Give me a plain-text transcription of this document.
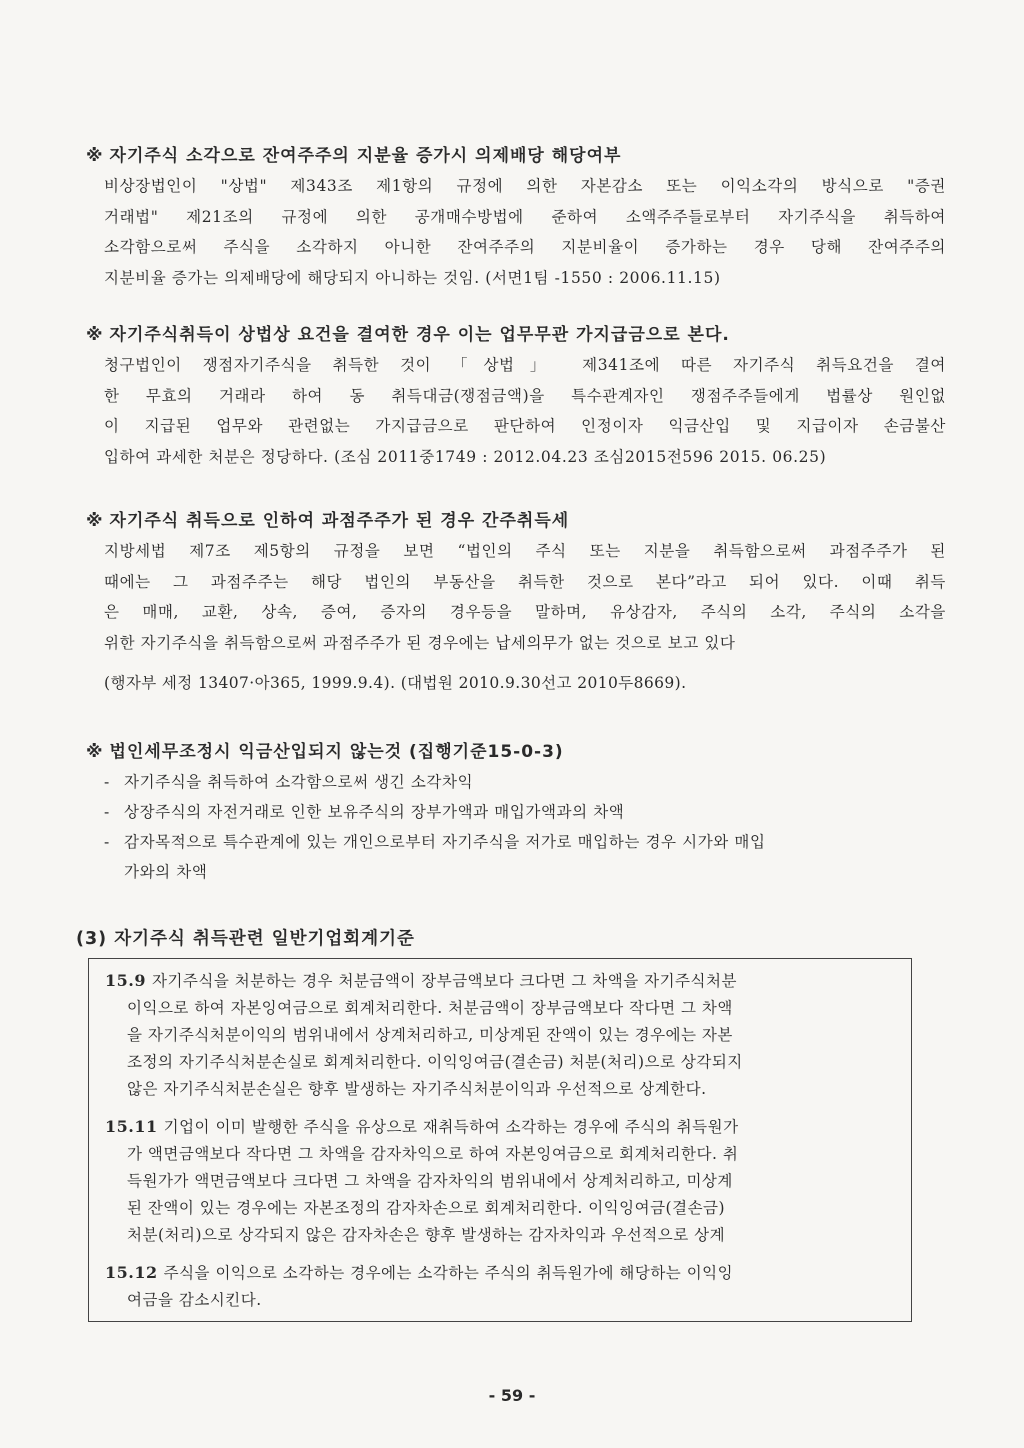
※ 자기주식 소각으로 잔여주주의 지분율 증가시 의제배당 해당여부
비상장법인이 "상법" 제343조 제1항의 규정에 의한 자본감소 또는 이익소각의 방식으로 "증권
거래법" 제21조의 규정에 의한 공개매수방법에 준하여 소액주주들로부터 자기주식을 취득하여
소각함으로써 주식을 소각하지 아니한 잔여주주의 지분비율이 증가하는 경우 당해 잔여주주의
지분비율 증가는 의제배당에 해당되지 아니하는 것임. (서면1팀 -1550 : 2006.11.15)
※ 자기주식취득이 상법상 요건을 결여한 경우 이는 업무무관 가지급금으로 본다.
청구법인이 쟁점자기주식을 취득한 것이 「상법」 제341조에 따른 자기주식 취득요건을 결여
한 무효의 거래라 하여 동 취득대금(쟁점금액)을 특수관계자인 쟁점주주들에게 법률상 원인없
이 지급된 업무와 관련없는 가지급금으로 판단하여 인정이자 익금산입 및 지급이자 손금불산
입하여 과세한 처분은 정당하다. (조심 2011중1749 : 2012.04.23 조심2015전596 2015. 06.25)
※ 자기주식 취득으로 인하여 과점주주가 된 경우 간주취득세
지방세법 제7조 제5항의 규정을 보면 “법인의 주식 또는 지분을 취득함으로써 과점주주가 된
때에는 그 과점주주는 해당 법인의 부동산을 취득한 것으로 본다”라고 되어 있다. 이때 취득
은 매매, 교환, 상속, 증여, 증자의 경우등을 말하며, 유상감자, 주식의 소각, 주식의 소각을
위한 자기주식을 취득함으로써 과점주주가 된 경우에는 납세의무가 없는 것으로 보고 있다
(행자부 세정 13407·아365, 1999.9.4). (대법원 2010.9.30선고 2010두8669).
※ 법인세무조정시 익금산입되지 않는것 (집행기준15-0-3)
- 자기주식을 취득하여 소각함으로써 생긴 소각차익
- 상장주식의 자전거래로 인한 보유주식의 장부가액과 매입가액과의 차액
- 감자목적으로 특수관계에 있는 개인으로부터 자기주식을 저가로 매입하는 경우 시가와 매입
가와의 차액
(3) 자기주식 취득관련 일반기업회계기준
15.9 자기주식을 처분하는 경우 처분금액이 장부금액보다 크다면 그 차액을 자기주식처분
이익으로 하여 자본잉여금으로 회계처리한다. 처분금액이 장부금액보다 작다면 그 차액
을 자기주식처분이익의 범위내에서 상계처리하고, 미상계된 잔액이 있는 경우에는 자본
조정의 자기주식처분손실로 회계처리한다. 이익잉여금(결손금) 처분(처리)으로 상각되지
않은 자기주식처분손실은 향후 발생하는 자기주식처분이익과 우선적으로 상계한다.
15.11 기업이 이미 발행한 주식을 유상으로 재취득하여 소각하는 경우에 주식의 취득원가
가 액면금액보다 작다면 그 차액을 감자차익으로 하여 자본잉여금으로 회계처리한다. 취
득원가가 액면금액보다 크다면 그 차액을 감자차익의 범위내에서 상계처리하고, 미상계
된 잔액이 있는 경우에는 자본조정의 감자차손으로 회계처리한다. 이익잉여금(결손금)
처분(처리)으로 상각되지 않은 감자차손은 향후 발생하는 감자차익과 우선적으로 상계
15.12 주식을 이익으로 소각하는 경우에는 소각하는 주식의 취득원가에 해당하는 이익잉
여금을 감소시킨다.
- 59 -
